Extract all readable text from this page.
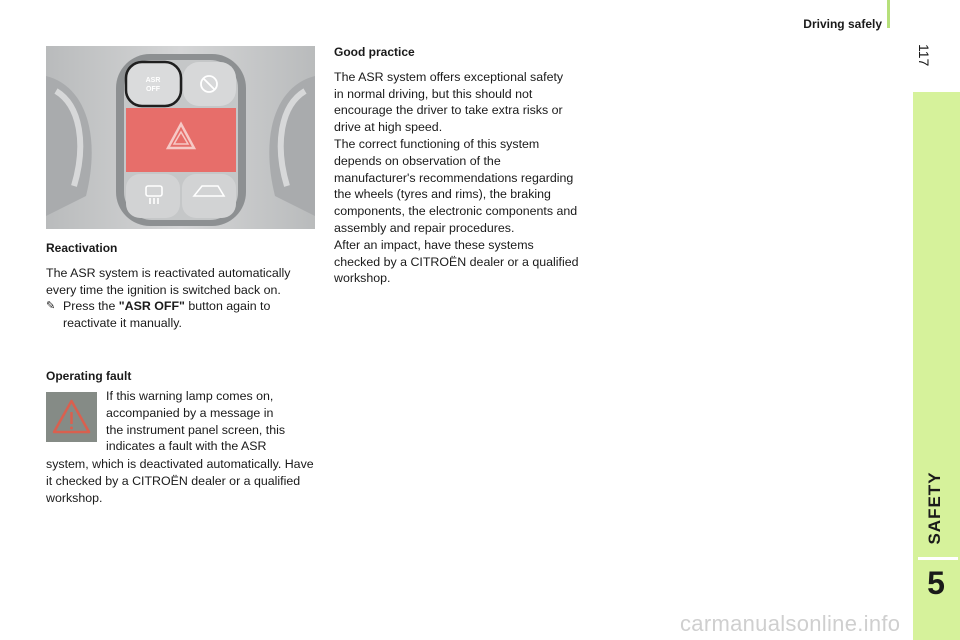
Driving safely
117
SAFETY
5
ASR
OFF

Reactivation

The ASR system is reactivated automatically every time the ignition is switched back on.

✎ Press the "ASR OFF" button again to reactivate it manually.

Operating fault

If this warning lamp comes on,

accompanied by a message in

the instrument panel screen, this

indicates a fault with the ASR

system, which is deactivated automatically. Have it checked by a CITROËN dealer or a qualified workshop.

Good practice

The ASR system offers exceptional safety

in normal driving, but this should not

encourage the driver to take extra risks or

drive at high speed.

The correct functioning of this system

depends on observation of the

manufacturer's recommendations regarding

the wheels (tyres and rims), the braking

components, the electronic components and

assembly and repair procedures.

After an impact, have these systems

checked by a CITROËN dealer or a qualified

workshop.

carmanualsonline.info
